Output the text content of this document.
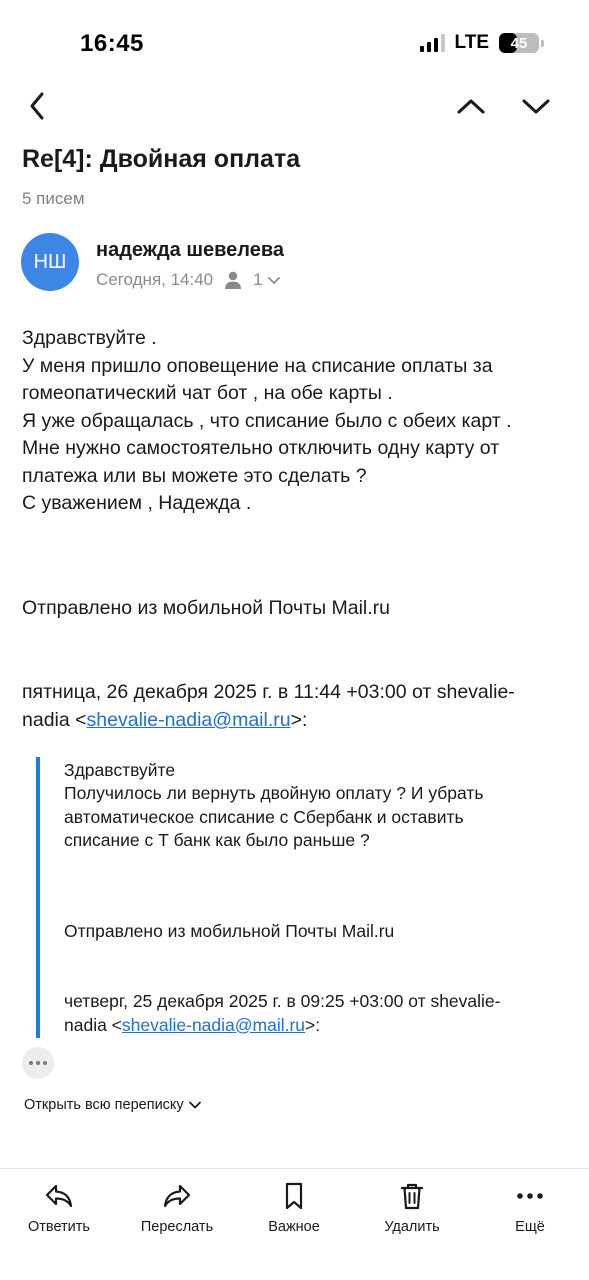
16:45	LTE	45
Re[4]: Двойная оплата
5 писем
НШ
надежда шевелева
Сегодня, 14:40 1

Здравствуйте .

У меня пришло оповещение на списание оплаты за

гомеопатический чат бот , на обе карты .

Я уже обращалась , что списание было с обеих карт .

Мне нужно самостоятельно отключить одну карту от

платежа или вы можете это сделать ?

С уважением , Надежда .

Отправлено из мобильной Почты Mail.ru
пятница, 26 декабря 2025 г. в 11:44 +03:00 от shevalie-
nadia <shevalie-nadia@mail.ru>:
Здравствуйте

Получилось ли вернуть двойную оплату ? И убрать

автоматическое списание с Сбербанк и оставить

списание с Т банк как было раньше ?

Отправлено из мобильной Почты Mail.ru
четверг, 25 декабря 2025 г. в 09:25 +03:00 от shevalie-
nadia <shevalie-nadia@mail.ru>:
Открыть всю переписку
Ответить	Переслать	Важное	Удалить	Ещё
